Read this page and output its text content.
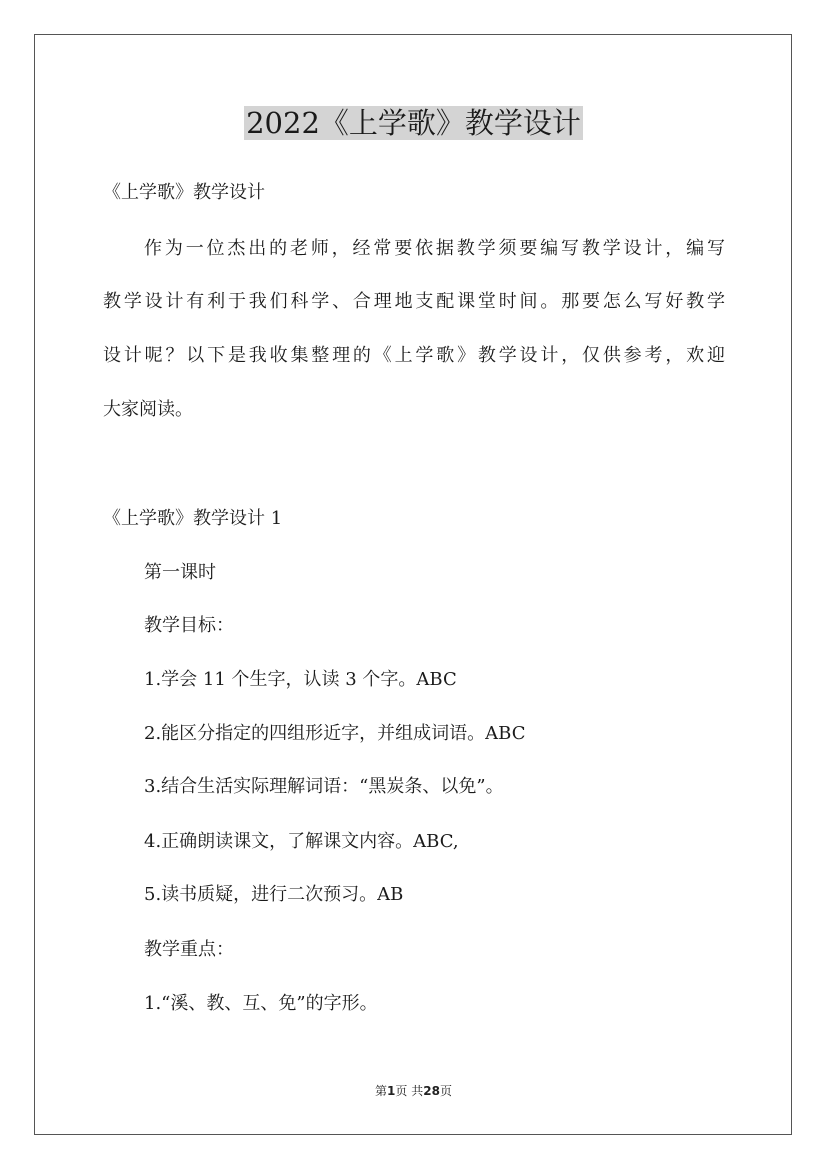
2022《上学歌》教学设计
《上学歌》教学设计
作为一位杰出的老师，经常要依据教学须要编写教学设计，编写
教学设计有利于我们科学、合理地支配课堂时间。那要怎么写好教学
设计呢？以下是我收集整理的《上学歌》教学设计，仅供参考，欢迎
大家阅读。
《上学歌》教学设计 1
第一课时
教学目标：
1.学会 11 个生字，认读 3 个字。ABC
2.能区分指定的四组形近字，并组成词语。ABC
3.结合生活实际理解词语：“黑炭条、以免”。
4.正确朗读课文，了解课文内容。ABC,
5.读书质疑，进行二次预习。AB
教学重点：
1.“溪、教、互、免”的字形。
第1页 共28页
